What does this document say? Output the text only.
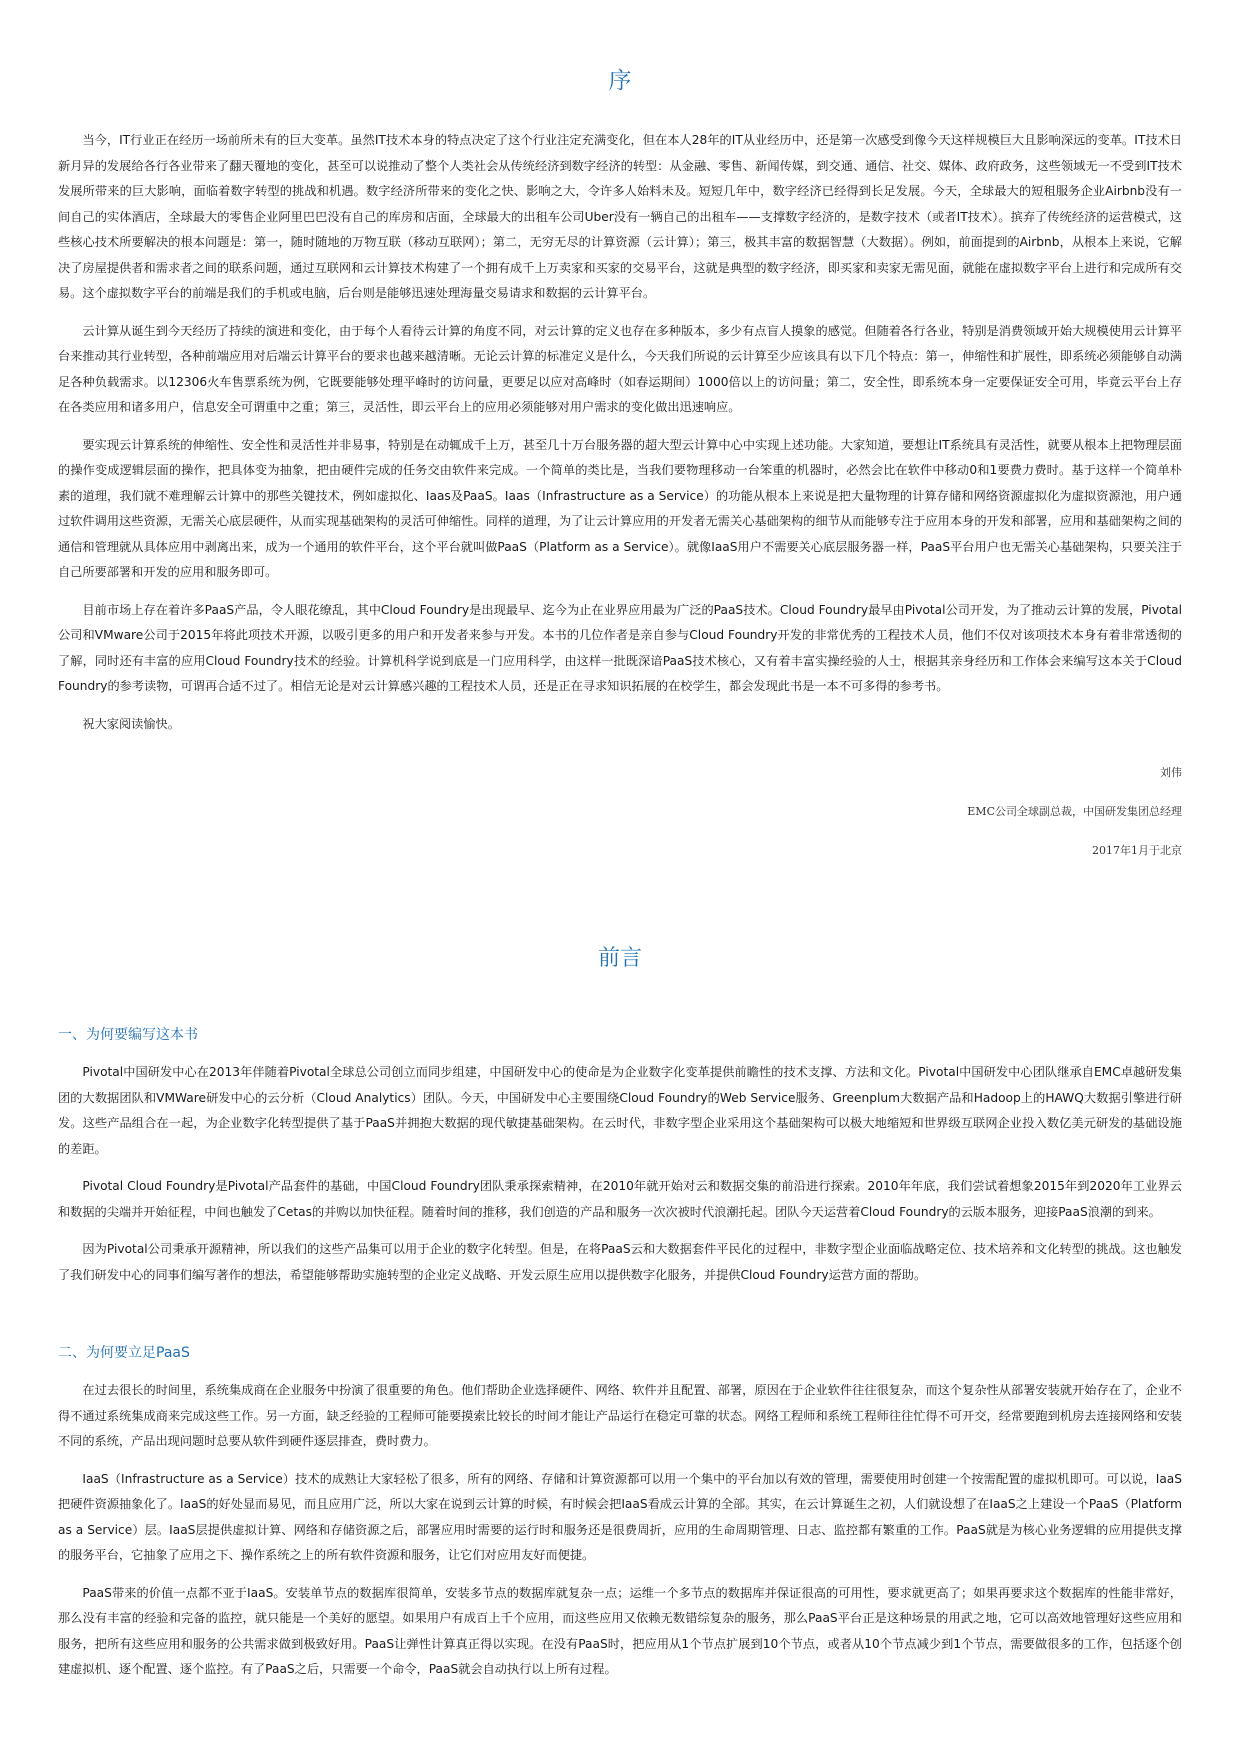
序

当今，IT行业正在经历一场前所未有的巨大变革。虽然IT技术本身的特点决定了这个行业注定充满变化，但在本人28年的IT从业经历中，还是第一次感受到像今天这样规模巨大且影响深远的变革。IT技术日新月异的发展给各行各业带来了翻天覆地的变化，甚至可以说推动了整个人类社会从传统经济到数字经济的转型：从金融、零售、新闻传媒，到交通、通信、社交、媒体、政府政务，这些领域无一不受到IT技术发展所带来的巨大影响，面临着数字转型的挑战和机遇。数字经济所带来的变化之快、影响之大，令许多人始料未及。短短几年中，数字经济已经得到长足发展。今天，全球最大的短租服务企业Airbnb没有一间自己的实体酒店，全球最大的零售企业阿里巴巴没有自己的库房和店面，全球最大的出租车公司Uber没有一辆自己的出租车——支撑数字经济的，是数字技术（或者IT技术）。摈弃了传统经济的运营模式，这些核心技术所要解决的根本问题是：第一，随时随地的万物互联（移动互联网）；第二，无穷无尽的计算资源（云计算）；第三，极其丰富的数据智慧（大数据）。例如，前面提到的Airbnb，从根本上来说，它解决了房屋提供者和需求者之间的联系问题，通过互联网和云计算技术构建了一个拥有成千上万卖家和买家的交易平台，这就是典型的数字经济，即买家和卖家无需见面，就能在虚拟数字平台上进行和完成所有交易。这个虚拟数字平台的前端是我们的手机或电脑，后台则是能够迅速处理海量交易请求和数据的云计算平台。

云计算从诞生到今天经历了持续的演进和变化，由于每个人看待云计算的角度不同，对云计算的定义也存在多种版本，多少有点盲人摸象的感觉。但随着各行各业，特别是消费领域开始大规模使用云计算平台来推动其行业转型，各种前端应用对后端云计算平台的要求也越来越清晰。无论云计算的标准定义是什么，今天我们所说的云计算至少应该具有以下几个特点：第一，伸缩性和扩展性，即系统必须能够自动满足各种负载需求。以12306火车售票系统为例，它既要能够处理平峰时的访问量，更要足以应对高峰时（如春运期间）1000倍以上的访问量；第二，安全性，即系统本身一定要保证安全可用，毕竟云平台上存在各类应用和诸多用户，信息安全可谓重中之重；第三，灵活性，即云平台上的应用必须能够对用户需求的变化做出迅速响应。

要实现云计算系统的伸缩性、安全性和灵活性并非易事，特别是在动辄成千上万，甚至几十万台服务器的超大型云计算中心中实现上述功能。大家知道，要想让IT系统具有灵活性，就要从根本上把物理层面的操作变成逻辑层面的操作，把具体变为抽象，把由硬件完成的任务交由软件来完成。一个简单的类比是，当我们要物理移动一台笨重的机器时，必然会比在软件中移动0和1要费力费时。基于这样一个简单朴素的道理，我们就不难理解云计算中的那些关键技术，例如虚拟化、Iaas及PaaS。Iaas（Infrastructure as a Service）的功能从根本上来说是把大量物理的计算存储和网络资源虚拟化为虚拟资源池，用户通过软件调用这些资源，无需关心底层硬件，从而实现基础架构的灵活可伸缩性。同样的道理，为了让云计算应用的开发者无需关心基础架构的细节从而能够专注于应用本身的开发和部署，应用和基础架构之间的通信和管理就从具体应用中剥离出来，成为一个通用的软件平台，这个平台就叫做PaaS（Platform as a Service）。就像IaaS用户不需要关心底层服务器一样，PaaS平台用户也无需关心基础架构，只要关注于自己所要部署和开发的应用和服务即可。

目前市场上存在着许多PaaS产品，令人眼花缭乱，其中Cloud Foundry是出现最早、迄今为止在业界应用最为广泛的PaaS技术。Cloud Foundry最早由Pivotal公司开发，为了推动云计算的发展，Pivotal公司和VMware公司于2015年将此项技术开源，以吸引更多的用户和开发者来参与开发。本书的几位作者是亲自参与Cloud Foundry开发的非常优秀的工程技术人员，他们不仅对该项技术本身有着非常透彻的了解，同时还有丰富的应用Cloud Foundry技术的经验。计算机科学说到底是一门应用科学，由这样一批既深谙PaaS技术核心，又有着丰富实操经验的人士，根据其亲身经历和工作体会来编写这本关于Cloud Foundry的参考读物，可谓再合适不过了。相信无论是对云计算感兴趣的工程技术人员，还是正在寻求知识拓展的在校学生，都会发现此书是一本不可多得的参考书。

祝大家阅读愉快。

刘伟

EMC公司全球副总裁，中国研发集团总经理

2017年1月于北京

前言
一、为何要编写这本书

Pivotal中国研发中心在2013年伴随着Pivotal全球总公司创立而同步组建，中国研发中心的使命是为企业数字化变革提供前瞻性的技术支撑、方法和文化。Pivotal中国研发中心团队继承自EMC卓越研发集团的大数据团队和VMWare研发中心的云分析（Cloud Analytics）团队。今天，中国研发中心主要围绕Cloud Foundry的Web Service服务、Greenplum大数据产品和Hadoop上的HAWQ大数据引擎进行研发。这些产品组合在一起，为企业数字化转型提供了基于PaaS并拥抱大数据的现代敏捷基础架构。在云时代，非数字型企业采用这个基础架构可以极大地缩短和世界级互联网企业投入数亿美元研发的基础设施的差距。

Pivotal Cloud Foundry是Pivotal产品套件的基础，中国Cloud Foundry团队秉承探索精神，在2010年就开始对云和数据交集的前沿进行探索。2010年年底，我们尝试着想象2015年到2020年工业界云和数据的尖端并开始征程，中间也触发了Cetas的并购以加快征程。随着时间的推移，我们创造的产品和服务一次次被时代浪潮托起。团队今天运营着Cloud Foundry的云版本服务，迎接PaaS浪潮的到来。

因为Pivotal公司秉承开源精神，所以我们的这些产品集可以用于企业的数字化转型。但是，在将PaaS云和大数据套件平民化的过程中，非数字型企业面临战略定位、技术培养和文化转型的挑战。这也触发了我们研发中心的同事们编写著作的想法，希望能够帮助实施转型的企业定义战略、开发云原生应用以提供数字化服务，并提供Cloud Foundry运营方面的帮助。

二、为何要立足PaaS

在过去很长的时间里，系统集成商在企业服务中扮演了很重要的角色。他们帮助企业选择硬件、网络、软件并且配置、部署，原因在于企业软件往往很复杂，而这个复杂性从部署安装就开始存在了，企业不得不通过系统集成商来完成这些工作。另一方面，缺乏经验的工程师可能要摸索比较长的时间才能让产品运行在稳定可靠的状态。网络工程师和系统工程师往往忙得不可开交，经常要跑到机房去连接网络和安装不同的系统，产品出现问题时总要从软件到硬件逐层排查，费时费力。

IaaS（Infrastructure as a Service）技术的成熟让大家轻松了很多，所有的网络、存储和计算资源都可以用一个集中的平台加以有效的管理，需要使用时创建一个按需配置的虚拟机即可。可以说，IaaS把硬件资源抽象化了。IaaS的好处显而易见，而且应用广泛，所以大家在说到云计算的时候，有时候会把IaaS看成云计算的全部。其实，在云计算诞生之初，人们就设想了在IaaS之上建设一个PaaS（Platform as a Service）层。IaaS层提供虚拟计算、网络和存储资源之后，部署应用时需要的运行时和服务还是很费周折，应用的生命周期管理、日志、监控都有繁重的工作。PaaS就是为核心业务逻辑的应用提供支撑的服务平台，它抽象了应用之下、操作系统之上的所有软件资源和服务，让它们对应用友好而便捷。

PaaS带来的价值一点都不亚于IaaS。安装单节点的数据库很简单，安装多节点的数据库就复杂一点；运维一个多节点的数据库并保证很高的可用性，要求就更高了；如果再要求这个数据库的性能非常好，那么没有丰富的经验和完备的监控，就只能是一个美好的愿望。如果用户有成百上千个应用，而这些应用又依赖无数错综复杂的服务，那么PaaS平台正是这种场景的用武之地，它可以高效地管理好这些应用和服务，把所有这些应用和服务的公共需求做到极致好用。PaaS让弹性计算真正得以实现。在没有PaaS时，把应用从1个节点扩展到10个节点，或者从10个节点减少到1个节点，需要做很多的工作，包括逐个创建虚拟机、逐个配置、逐个监控。有了PaaS之后，只需要一个命令，PaaS就会自动执行以上所有过程。
